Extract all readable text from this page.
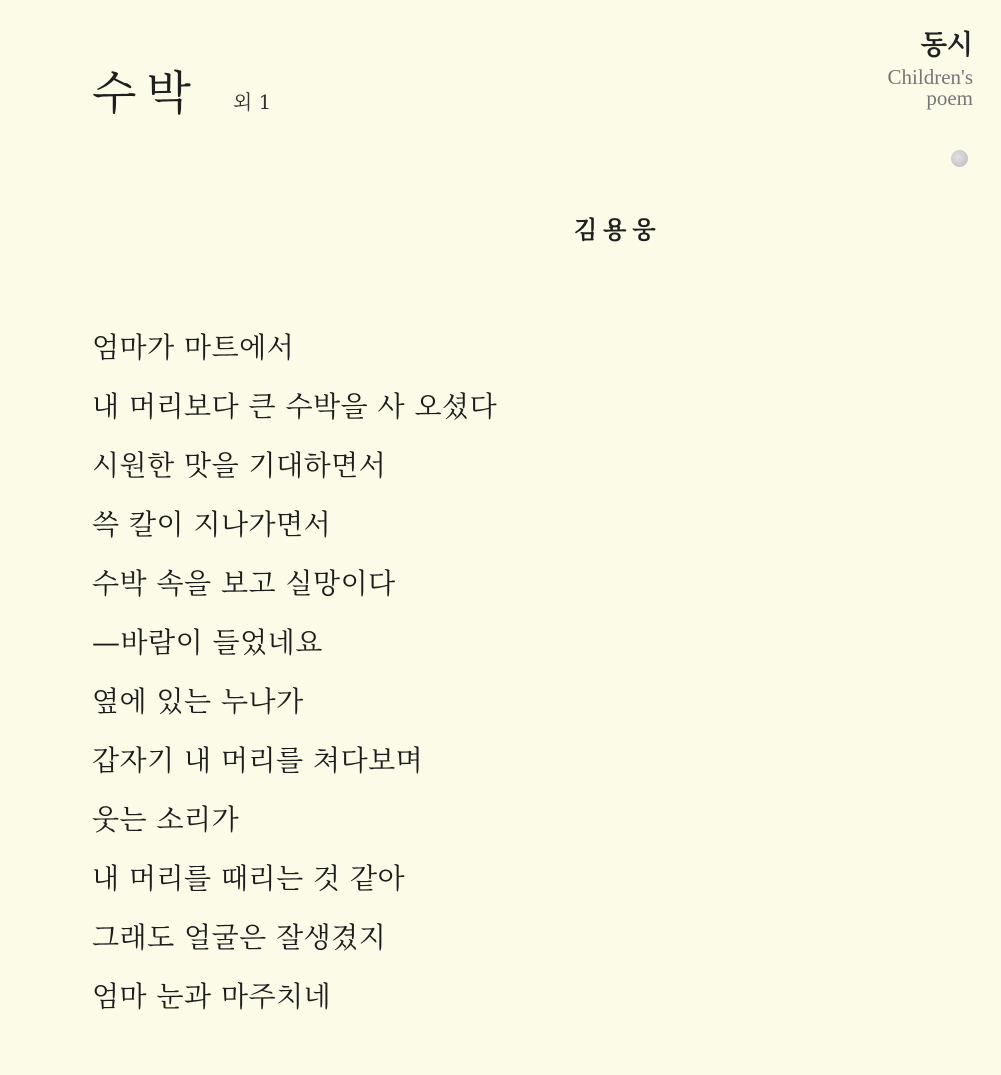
수박 외 1
동시
Children's
poem
김용웅
엄마가 마트에서
내 머리보다 큰 수박을 사 오셨다
시원한 맛을 기대하면서
쓱 칼이 지나가면서
수박 속을 보고 실망이다
—바람이 들었네요
옆에 있는 누나가
갑자기 내 머리를 쳐다보며
웃는 소리가
내 머리를 때리는 것 같아
그래도 얼굴은 잘생겼지
엄마 눈과 마주치네
